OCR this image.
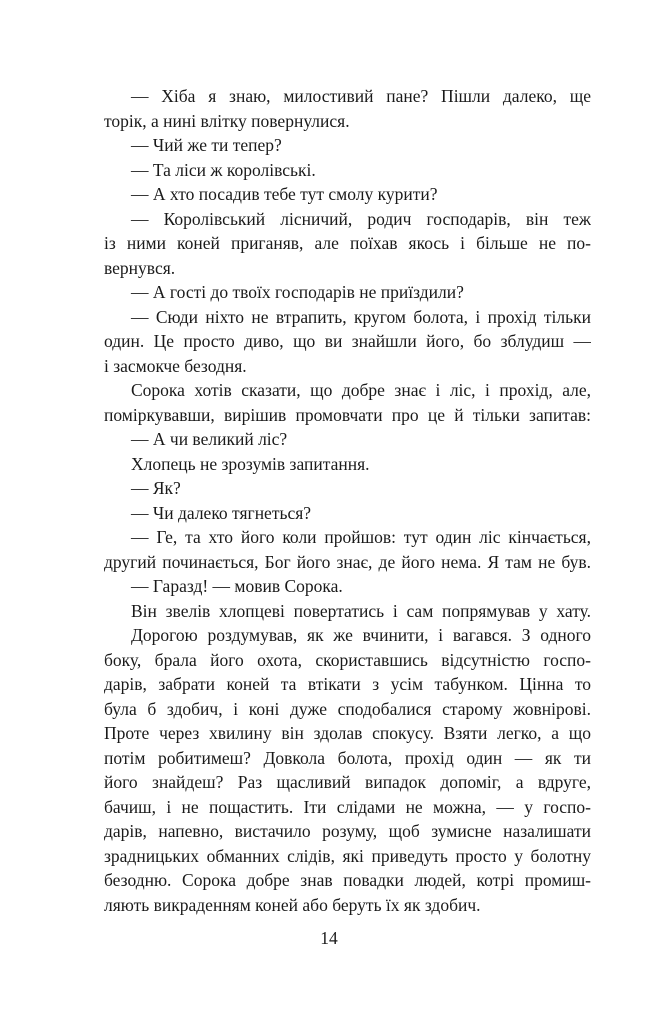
— Хіба я знаю, милостивий пане? Пішли далеко, ще
торік, а нині влітку повернулися.
— Чий же ти тепер?
— Та ліси ж королівські.
— А хто посадив тебе тут смолу курити?
— Королівський лісничий, родич господарів, він теж
із ними коней приганяв, але поїхав якось і більше не по-
вернувся.
— А гості до твоїх господарів не приїздили?
— Сюди ніхто не втрапить, кругом болота, і прохід тільки
один. Це просто диво, що ви знайшли його, бо зблудиш —
і засмокче безодня.
Сорока хотів сказати, що добре знає і ліс, і прохід, але,
поміркувавши, вирішив промовчати про це й тільки запитав:
— А чи великий ліс?
Хлопець не зрозумів запитання.
— Як?
— Чи далеко тягнеться?
— Ге, та хто його коли пройшов: тут один ліс кінчається,
другий починається, Бог його знає, де його нема. Я там не був.
— Гаразд! — мовив Сорока.
Він звелів хлопцеві повертатись і сам попрямував у хату.
Дорогою роздумував, як же вчинити, і вагався. З одного
боку, брала його охота, скориставшись відсутністю госпо-
дарів, забрати коней та втікати з усім табунком. Цінна то
була б здобич, і коні дуже сподобалися старому жовнірові.
Проте через хвилину він здолав спокусу. Взяти легко, а що
потім робитимеш? Довкола болота, прохід один — як ти
його знайдеш? Раз щасливий випадок допоміг, а вдруге,
бачиш, і не пощастить. Іти слідами не можна, — у госпо-
дарів, напевно, вистачило розуму, щоб зумисне назалишати
зрадницьких обманних слідів, які приведуть просто у болотну
безодню. Сорока добре знав повадки людей, котрі промиш-
ляють викраденням коней або беруть їх як здобич.
14
